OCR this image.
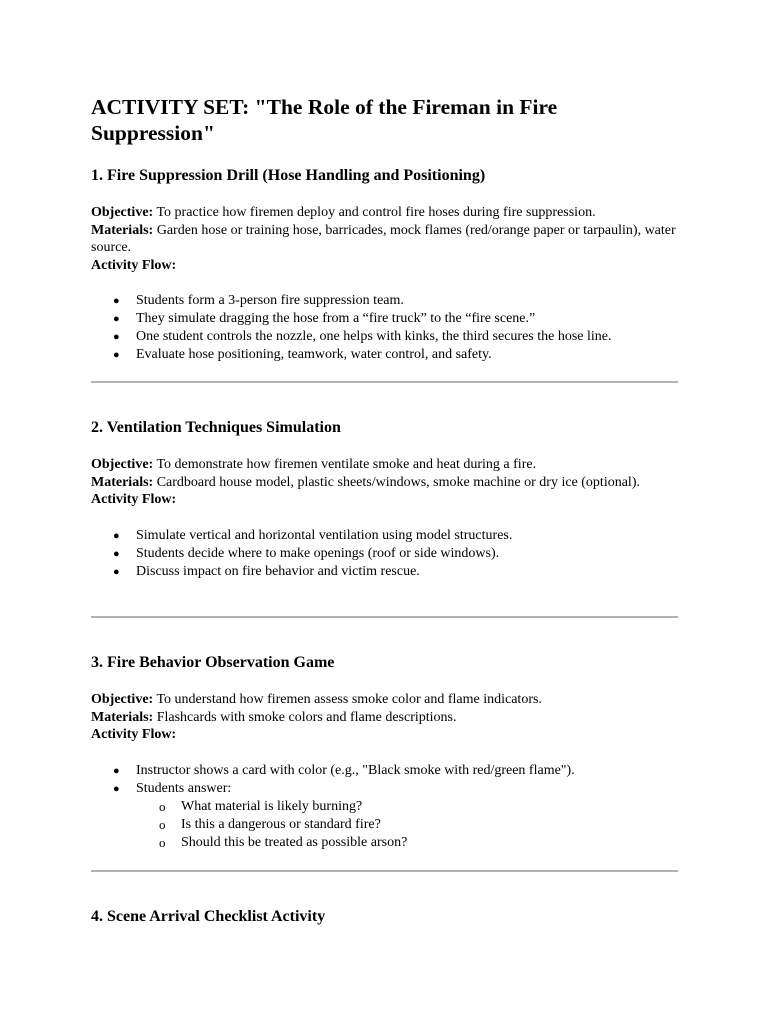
ACTIVITY SET: "The Role of the Fireman in Fire Suppression"
1. Fire Suppression Drill (Hose Handling and Positioning)

Objective: To practice how firemen deploy and control fire hoses during fire suppression.

Materials: Garden hose or training hose, barricades, mock flames (red/orange paper or tarpaulin), water source.

Activity Flow:

● Students form a 3-person fire suppression team.
● They simulate dragging the hose from a “fire truck” to the “fire scene.”
● One student controls the nozzle, one helps with kinks, the third secures the hose line.
● Evaluate hose positioning, teamwork, water control, and safety.
2. Ventilation Techniques Simulation

Objective: To demonstrate how firemen ventilate smoke and heat during a fire.

Materials: Cardboard house model, plastic sheets/windows, smoke machine or dry ice (optional).

Activity Flow:

● Simulate vertical and horizontal ventilation using model structures.
● Students decide where to make openings (roof or side windows).
● Discuss impact on fire behavior and victim rescue.
3. Fire Behavior Observation Game

Objective: To understand how firemen assess smoke color and flame indicators.

Materials: Flashcards with smoke colors and flame descriptions.

Activity Flow:

● Instructor shows a card with color (e.g., "Black smoke with red/green flame").
● Students answer:
o What material is likely burning?
o Is this a dangerous or standard fire?
o Should this be treated as possible arson?
4. Scene Arrival Checklist Activity
